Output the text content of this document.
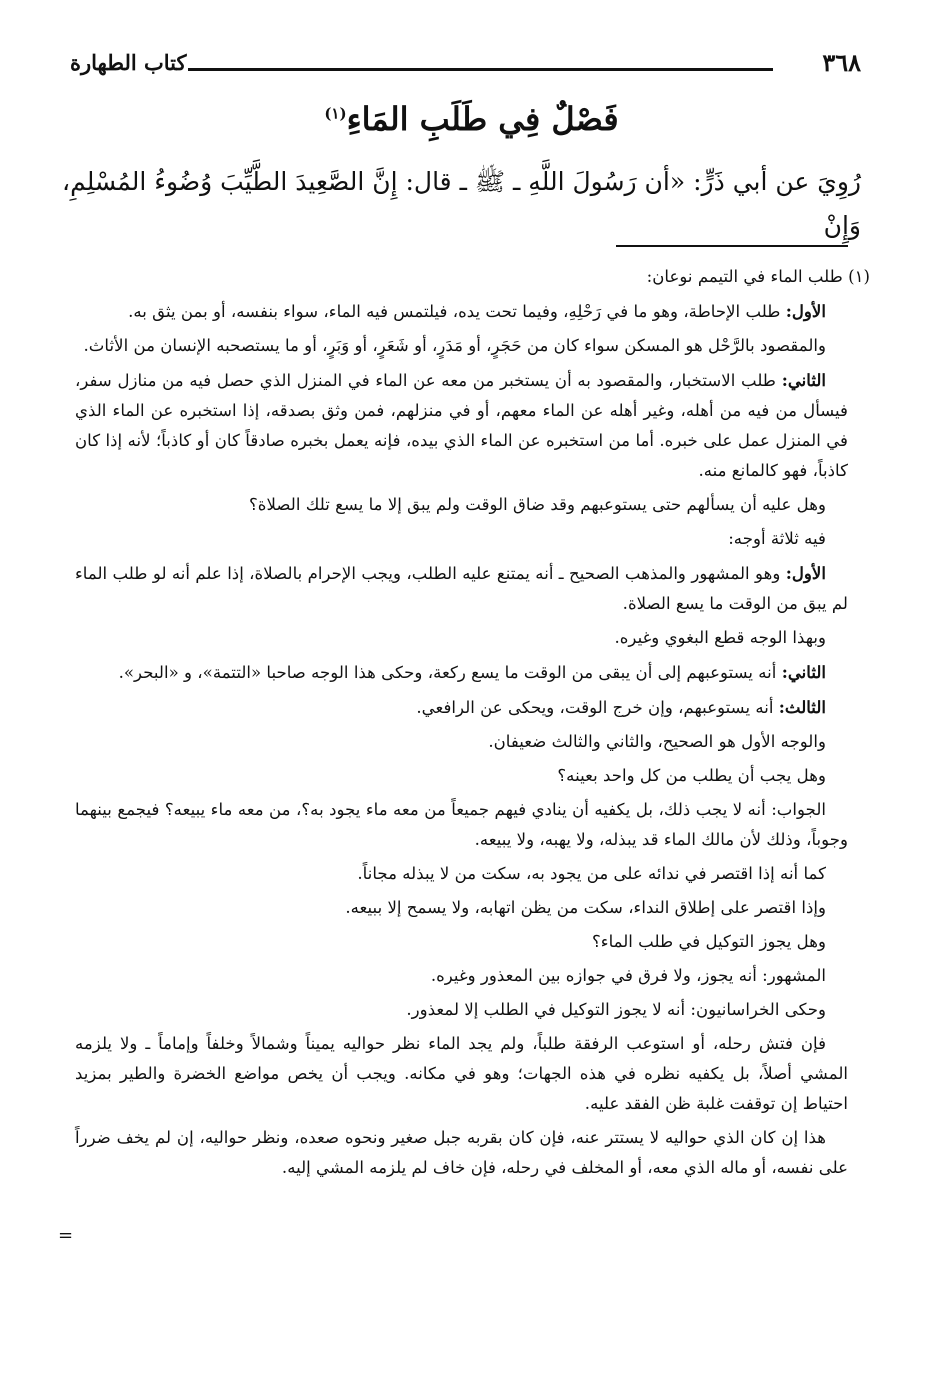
٣٦٨
كتاب الطهارة
فَصْلٌ فِي طَلَبِ المَاءِ$^{(١)}$
رُوِيَ عن أبي ذَرٍّ: «أن رَسُولَ اللَّهِ ـ ﷺ ـ قال: إِنَّ الصَّعِيدَ الطَّيِّبَ وُضُوءُ المُسْلِمِ، وَإِنْ

(١) طلب الماء في التيمم نوعان:

الأول: طلب الإحاطة، وهو ما في رَحْلِهِ، وفيما تحت يده، فيلتمس فيه الماء، سواء بنفسه، أو بمن يثق به.

والمقصود بالرَّحْل هو المسكن سواء كان من حَجَرٍ، أو مَدَرٍ، أو شَعَرٍ، أو وَبَرٍ، أو ما يستصحبه الإنسان من الأثاث.

الثاني: طلب الاستخبار، والمقصود به أن يستخبر من معه عن الماء في المنزل الذي حصل فيه من منازل سفر، فيسأل من فيه من أهله، وغير أهله عن الماء معهم، أو في منزلهم، فمن وثق بصدقه، إذا استخبره عن الماء الذي في المنزل عمل على خبره. أما من استخبره عن الماء الذي بيده، فإنه يعمل بخبره صادقاً كان أو كاذباً؛ لأنه إذا كان كاذباً، فهو كالمانع منه.

وهل عليه أن يسألهم حتى يستوعبهم وقد ضاق الوقت ولم يبق إلا ما يسع تلك الصلاة؟

فيه ثلاثة أوجه:

الأول: وهو المشهور والمذهب الصحيح ـ أنه يمتنع عليه الطلب، ويجب الإحرام بالصلاة، إذا علم أنه لو طلب الماء لم يبق من الوقت ما يسع الصلاة.

وبهذا الوجه قطع البغوي وغيره.

الثاني: أنه يستوعبهم إلى أن يبقى من الوقت ما يسع ركعة، وحكى هذا الوجه صاحبا «التتمة»، و «البحر».

الثالث: أنه يستوعبهم، وإن خرج الوقت، ويحكى عن الرافعي.

والوجه الأول هو الصحيح، والثاني والثالث ضعيفان.

وهل يجب أن يطلب من كل واحد بعينه؟

الجواب: أنه لا يجب ذلك، بل يكفيه أن ينادي فيهم جميعاً من معه ماء يجود به؟، من معه ماء يبيعه؟ فيجمع بينهما وجوباً، وذلك لأن مالك الماء قد يبذله، ولا يهبه، ولا يبيعه.

كما أنه إذا اقتصر في ندائه على من يجود به، سكت من لا يبذله مجاناً.

وإذا اقتصر على إطلاق النداء، سكت من يظن اتهابه، ولا يسمح إلا ببيعه.

وهل يجوز التوكيل في طلب الماء؟

المشهور: أنه يجوز، ولا فرق في جوازه بين المعذور وغيره.

وحكى الخراسانيون: أنه لا يجوز التوكيل في الطلب إلا لمعذور.

فإن فتش رحله، أو استوعب الرفقة طلباً، ولم يجد الماء نظر حواليه يميناً وشمالاً وخلفاً وإماماً ـ ولا يلزمه المشي أصلاً، بل يكفيه نظره في هذه الجهات؛ وهو في مكانه. ويجب أن يخص مواضع الخضرة والطير بمزيد احتياط إن توقفت غلبة ظن الفقد عليه.

هذا إن كان الذي حواليه لا يستتر عنه، فإن كان بقربه جبل صغير ونحوه صعده، ونظر حواليه، إن لم يخف ضرراً على نفسه، أو ماله الذي معه، أو المخلف في رحله، فإن خاف لم يلزمه المشي إليه.

=
